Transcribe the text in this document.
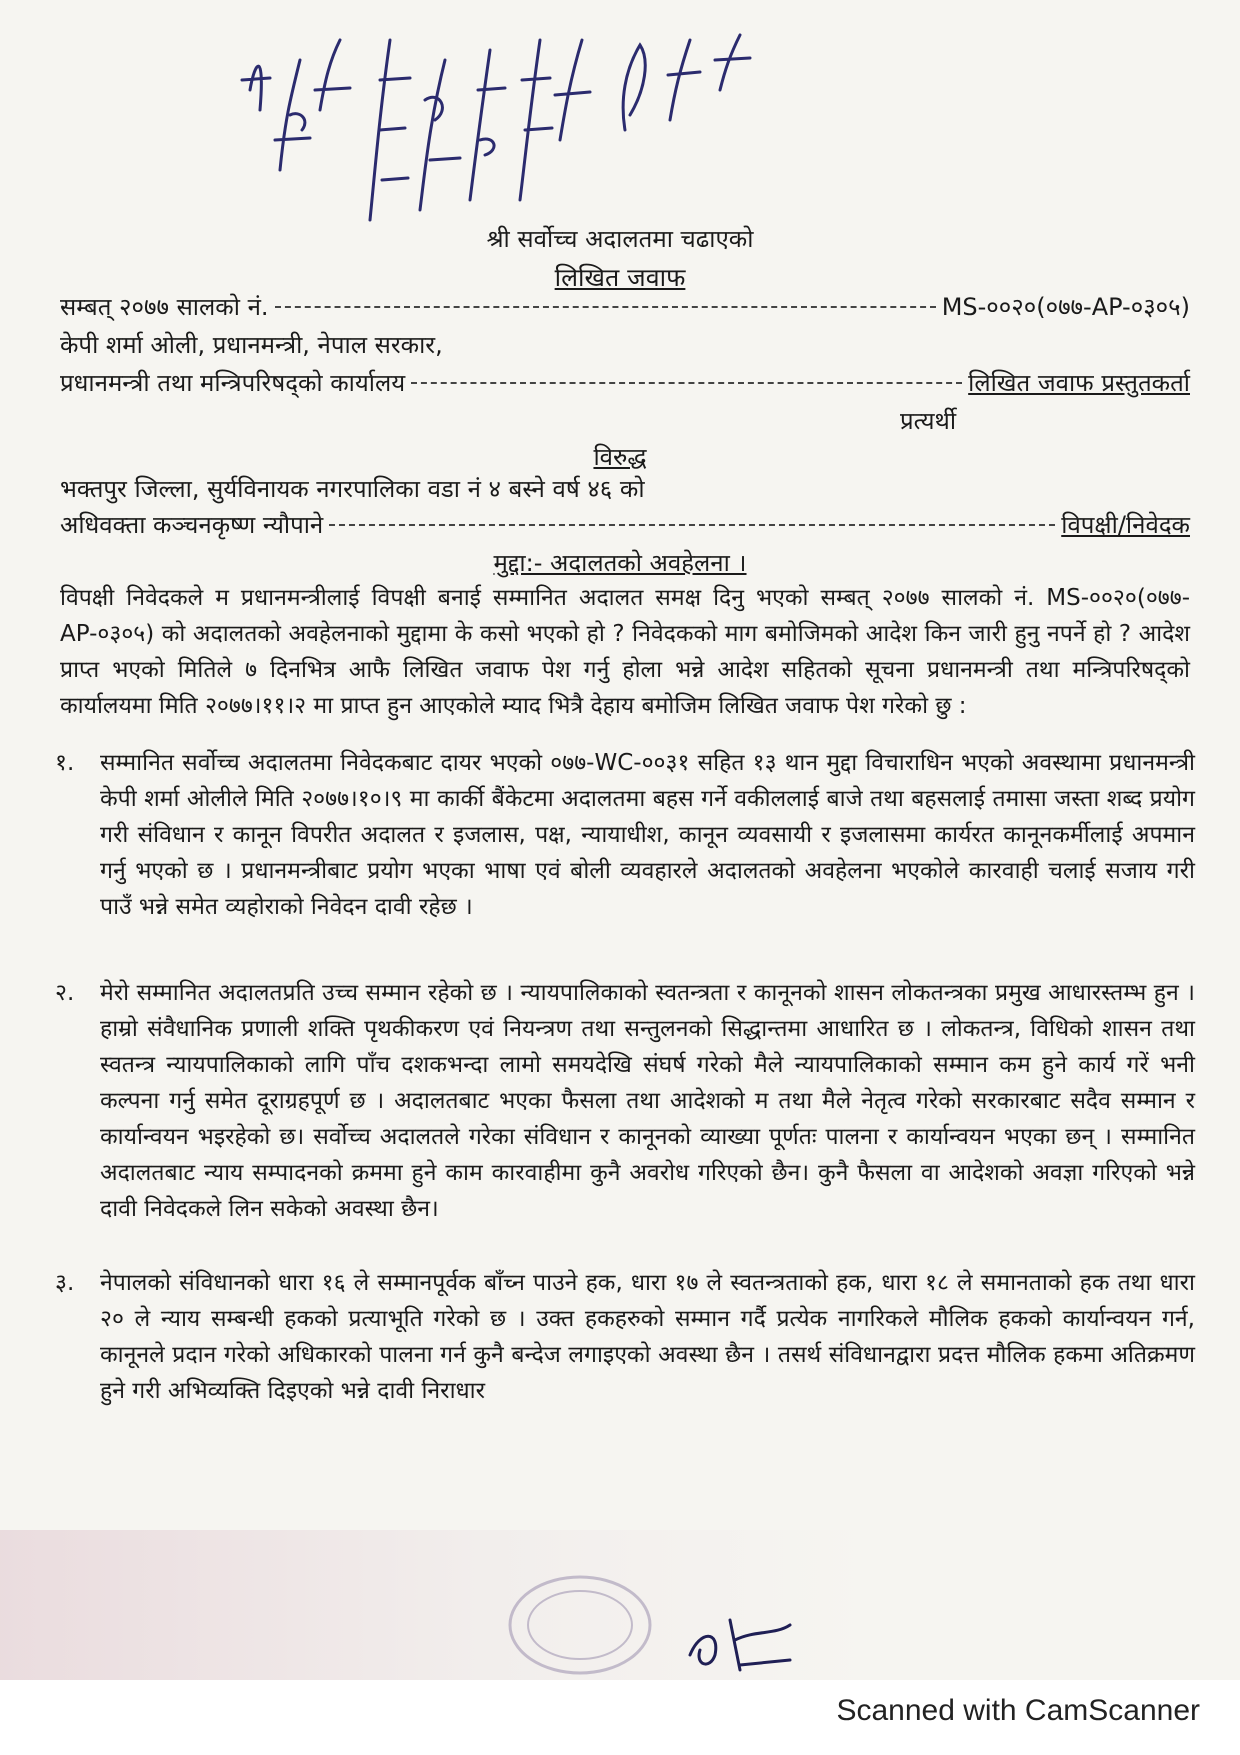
श्री सर्वोच्च अदालतमा चढाएको
लिखित जवाफ
सम्बत् २०७७ सालको नं.	MS-००२०(०७७-AP-०३०५)
केपी शर्मा ओली, प्रधानमन्त्री, नेपाल सरकार,
प्रधानमन्त्री तथा मन्त्रिपरिषद्‌को कार्यालय	लिखित जवाफ प्रस्तुतकर्ता
प्रत्यर्थी
विरुद्ध
भक्तपुर जिल्ला, सुर्यविनायक नगरपालिका वडा नं ४ बस्ने वर्ष ४६ को
अधिवक्ता कञ्चनकृष्ण न्यौपाने	विपक्षी/निवेदक
मुद्दा:- अदालतको अवहेलना ।
विपक्षी निवेदकले म प्रधानमन्त्रीलाई विपक्षी बनाई सम्मानित अदालत समक्ष दिनु भएको सम्बत् २०७७ सालको नं. MS-००२०(०७७-AP-०३०५) को अदालतको अवहेलनाको मुद्दामा के कसो भएको हो ? निवेदकको माग बमोजिमको आदेश किन जारी हुनु नपर्ने हो ? आदेश प्राप्त भएको मितिले ७ दिनभित्र आफै लिखित जवाफ पेश गर्नु होला भन्ने आदेश सहितको सूचना प्रधानमन्त्री तथा मन्त्रिपरिषद्‌को कार्यालयमा मिति २०७७।११।२ मा प्राप्त हुन आएकोले म्याद भित्रै देहाय बमोजिम लिखित जवाफ पेश गरेको छु :
१.	सम्मानित सर्वोच्च अदालतमा निवेदकबाट दायर भएको ०७७-WC-००३१ सहित १३ थान मुद्दा विचाराधिन भएको अवस्थामा प्रधानमन्त्री केपी शर्मा ओलीले मिति २०७७।१०।९ मा कार्की बैंकेटमा अदालतमा बहस गर्ने वकीललाई बाजे तथा बहसलाई तमासा जस्ता शब्द प्रयोग गरी संविधान र कानून विपरीत अदालत र इजलास, पक्ष, न्यायाधीश, कानून व्यवसायी र इजलासमा कार्यरत कानूनकर्मीलाई अपमान गर्नु भएको छ । प्रधानमन्त्रीबाट प्रयोग भएका भाषा एवं बोली व्यवहारले अदालतको अवहेलना भएकोले कारवाही चलाई सजाय गरी पाउँ भन्ने समेत व्यहोराको निवेदन दावी रहेछ ।
२.	मेरो सम्मानित अदालतप्रति उच्च सम्मान रहेको छ । न्यायपालिकाको स्वतन्त्रता र कानूनको शासन लोकतन्त्रका प्रमुख आधारस्तम्भ हुन । हाम्रो संवैधानिक प्रणाली शक्ति पृथकीकरण एवं नियन्त्रण तथा सन्तुलनको सिद्धान्तमा आधारित छ । लोकतन्त्र, विधिको शासन तथा स्वतन्त्र न्यायपालिकाको लागि पाँच दशकभन्दा लामो समयदेखि संघर्ष गरेको मैले न्यायपालिकाको सम्मान कम हुने कार्य गरें भनी कल्पना गर्नु समेत दूराग्रहपूर्ण छ । अदालतबाट भएका फैसला तथा आदेशको म तथा मैले नेतृत्व गरेको सरकारबाट सदैव सम्मान र कार्यान्वयन भइरहेको छ। सर्वोच्च अदालतले गरेका संविधान र कानूनको व्याख्या पूर्णतः पालना र कार्यान्वयन भएका छन् । सम्मानित अदालतबाट न्याय सम्पादनको क्रममा हुने काम कारवाहीमा कुनै अवरोध गरिएको छैन। कुनै फैसला वा आदेशको अवज्ञा गरिएको भन्ने दावी निवेदकले लिन सकेको अवस्था छैन।
३.	नेपालको संविधानको धारा १६ ले सम्मानपूर्वक बाँच्न पाउने हक, धारा १७ ले स्वतन्त्रताको हक, धारा १८ ले समानताको हक तथा धारा २० ले न्याय सम्बन्धी हकको प्रत्याभूति गरेको छ । उक्त हकहरुको सम्मान गर्दै प्रत्येक नागरिकले मौलिक हकको कार्यान्वयन गर्न, कानूनले प्रदान गरेको अधिकारको पालना गर्न कुनै बन्देज लगाइएको अवस्था छैन । तसर्थ संविधानद्वारा प्रदत्त मौलिक हकमा अतिक्रमण हुने गरी अभिव्यक्ति दिइएको भन्ने दावी निराधार
Scanned with CamScanner
